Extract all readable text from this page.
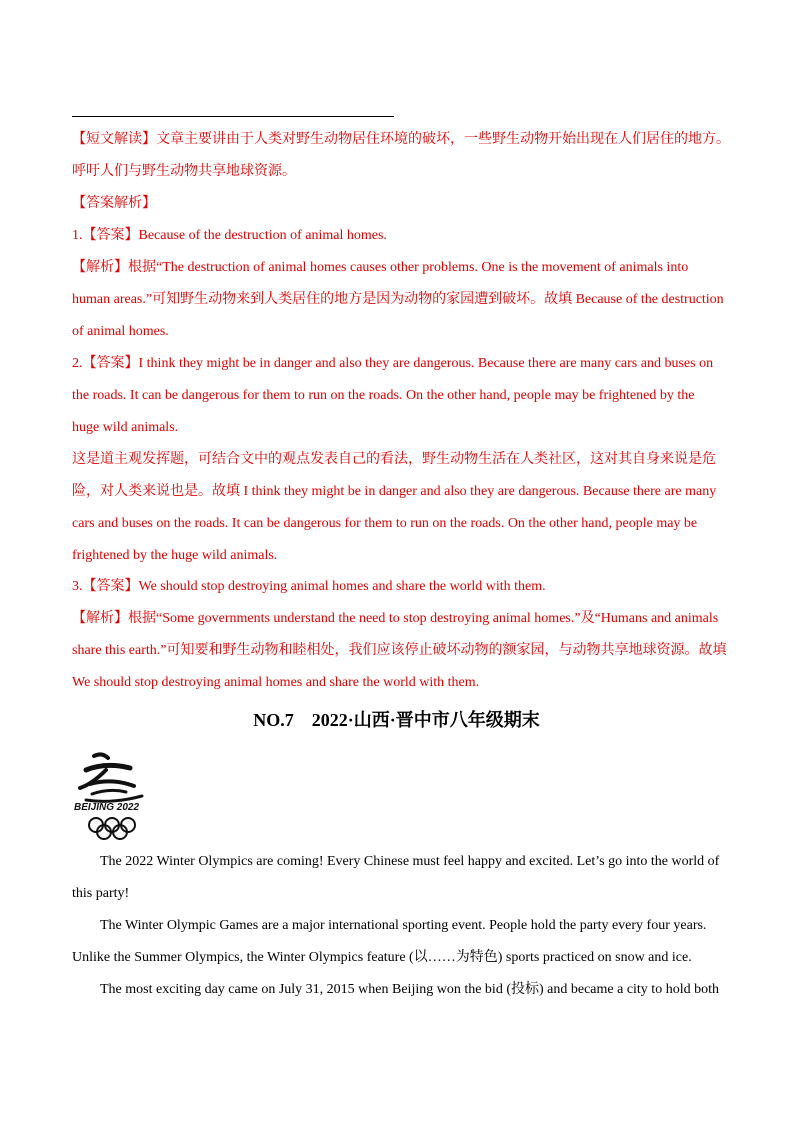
【短文解读】文章主要讲由于人类对野生动物居住环境的破坏，一些野生动物开始出现在人们居住的地方。
呼吁人们与野生动物共享地球资源。
【答案解析】
1.【答案】Because of the destruction of animal homes.
【解析】根据“The destruction of animal homes causes other problems. One is the movement of animals into
human areas.”可知野生动物来到人类居住的地方是因为动物的家园遭到破坏。故填 Because of the destruction
of animal homes.
2.【答案】I think they might be in danger and also they are dangerous. Because there are many cars and buses on
the roads. It can be dangerous for them to run on the roads. On the other hand, people may be frightened by the
huge wild animals.
这是道主观发挥题，可结合文中的观点发表自己的看法，野生动物生活在人类社区，这对其自身来说是危
险，对人类来说也是。故填 I think they might be in danger and also they are dangerous. Because there are many
cars and buses on the roads. It can be dangerous for them to run on the roads. On the other hand, people may be
frightened by the huge wild animals.
3.【答案】We should stop destroying animal homes and share the world with them.
【解析】根据“Some governments understand the need to stop destroying animal homes.”及“Humans and animals
share this earth.”可知要和野生动物和睦相处，我们应该停止破坏动物的额家园，与动物共享地球资源。故填
We should stop destroying animal homes and share the world with them.
NO.7　2022·山西·晋中市八年级期末
BEIJING 2022
The 2022 Winter Olympics are coming! Every Chinese must feel happy and excited. Let’s go into the world of
this party!
The Winter Olympic Games are a major international sporting event. People hold the party every four years.
Unlike the Summer Olympics, the Winter Olympics feature (以……为特色) sports practiced on snow and ice.
The most exciting day came on July 31, 2015 when Beijing won the bid (投标) and became a city to hold both
